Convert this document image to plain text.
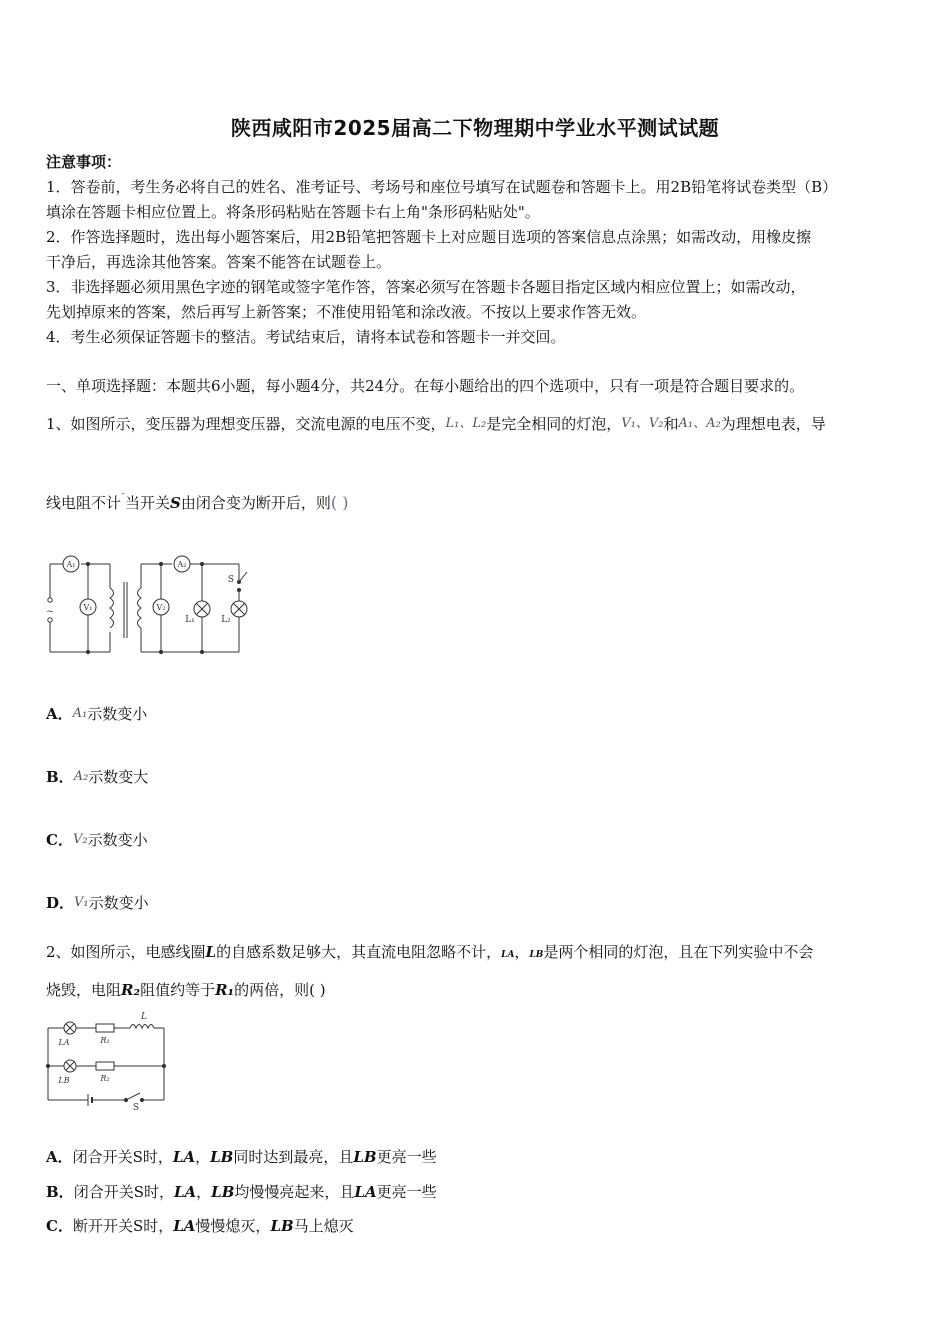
陕西咸阳市2025届高二下物理期中学业水平测试试题
注意事项：
1．答卷前，考生务必将自己的姓名、准考证号、考场号和座位号填写在试题卷和答题卡上。用2B铅笔将试卷类型（B）
填涂在答题卡相应位置上。将条形码粘贴在答题卡右上角"条形码粘贴处"。
2．作答选择题时，选出每小题答案后，用2B铅笔把答题卡上对应题目选项的答案信息点涂黑；如需改动，用橡皮擦
干净后，再选涂其他答案。答案不能答在试题卷上。
3．非选择题必须用黑色字迹的钢笔或签字笔作答，答案必须写在答题卡各题目指定区域内相应位置上；如需改动，
先划掉原来的答案，然后再写上新答案；不准使用铅笔和涂改液。不按以上要求作答无效。
4．考生必须保证答题卡的整洁。考试结束后，请将本试卷和答题卡一并交回。
一、单项选择题：本题共6小题，每小题4分，共24分。在每小题给出的四个选项中，只有一项是符合题目要求的。
1、如图所示，变压器为理想变压器，交流电源的电压不变，L₁、L₂是完全相同的灯泡，V₁、V₂和A₁、A₂为理想电表，导
线电阻不计$^ˉ$当开关S由闭合变为断开后，则( )
~
A₁
V₁
A₂
V₂
L₁	L₂
S
A．A₁示数变小
B．A₂示数变大
C．V₂示数变小
D．V₁示数变小
2、如图所示，电感线圈L的自感系数足够大，其直流电阻忽略不计，LA，LB是两个相同的灯泡，且在下列实验中不会
烧毁，电阻R₂阻值约等于R₁的两倍，则( )
L
LA	R₁
LB	R₂
S
A．闭合开关S时，LA，LB同时达到最亮，且LB更亮一些
B．闭合开关S时，LA，LB均慢慢亮起来，且LA更亮一些
C．断开开关S时，LA慢慢熄灭，LB马上熄灭
